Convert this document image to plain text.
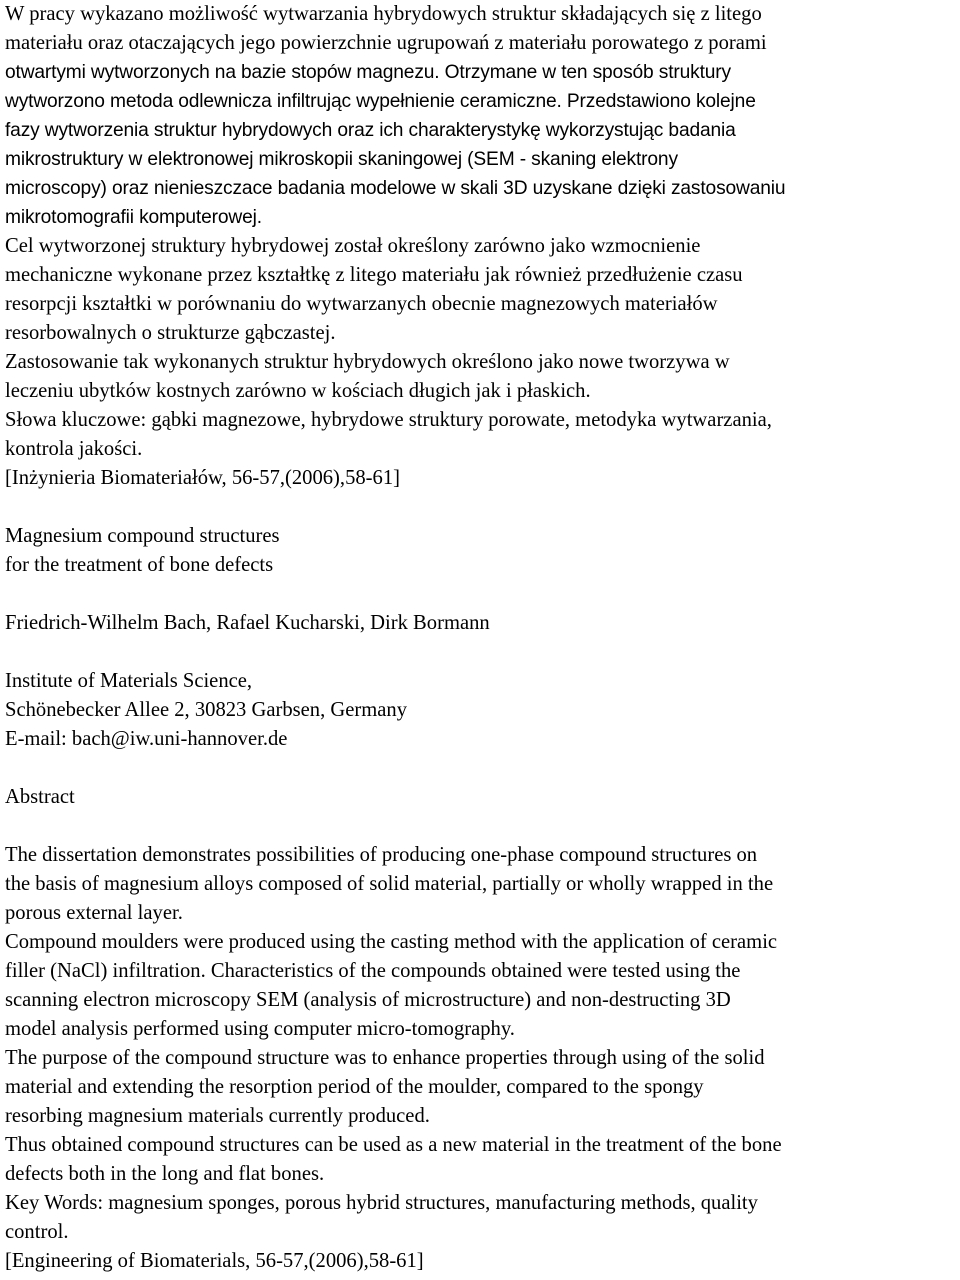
W pracy wykazano możliwość wytwarzania hybrydowych struktur składających się z litego
materiału oraz otaczających jego powierzchnie ugrupowań z materiału porowatego z porami
otwartymi wytworzonych na bazie stopów magnezu. Otrzymane w ten sposób struktury
wytworzono metoda odlewnicza infiltrując wypełnienie ceramiczne. Przedstawiono kolejne
fazy wytworzenia struktur hybrydowych oraz ich charakterystykę wykorzystując badania
mikrostruktury w elektronowej mikroskopii skaningowej (SEM - skaning elektrony
microscopy) oraz nienieszczace badania modelowe w skali 3D uzyskane dzięki zastosowaniu
mikrotomografii komputerowej.
Cel wytworzonej struktury hybrydowej został określony zarówno jako wzmocnienie
mechaniczne wykonane przez kształtkę z litego materiału jak również przedłużenie czasu
resorpcji kształtki w porównaniu do wytwarzanych obecnie magnezowych materiałów
resorbowalnych o strukturze gąbczastej.
Zastosowanie tak wykonanych struktur hybrydowych określono jako nowe tworzywa w
leczeniu ubytków kostnych zarówno w kościach długich jak i płaskich.
Słowa kluczowe: gąbki magnezowe, hybrydowe struktury porowate, metodyka wytwarzania,
kontrola jakości.
[Inżynieria Biomateriałów, 56-57,(2006),58-61]
Magnesium compound structures
for the treatment of bone defects
Friedrich-Wilhelm Bach, Rafael Kucharski, Dirk Bormann
Institute of Materials Science,
Schönebecker Allee 2, 30823 Garbsen, Germany
E-mail: bach@iw.uni-hannover.de
Abstract
The dissertation demonstrates possibilities of producing one-phase compound structures on
the basis of magnesium alloys composed of solid material, partially or wholly wrapped in the
porous external layer.
Compound moulders were produced using the casting method with the application of ceramic
filler (NaCl) infiltration. Characteristics of the compounds obtained were tested using the
scanning electron microscopy SEM (analysis of microstructure) and non-destructing 3D
model analysis performed using computer micro-tomography.
The purpose of the compound structure was to enhance properties through using of the solid
material and extending the resorption period of the moulder, compared to the spongy
resorbing magnesium materials currently produced.
Thus obtained compound structures can be used as a new material in the treatment of the bone
defects both in the long and flat bones.
Key Words: magnesium sponges, porous hybrid structures, manufacturing methods, quality
control.
[Engineering of Biomaterials, 56-57,(2006),58-61]
